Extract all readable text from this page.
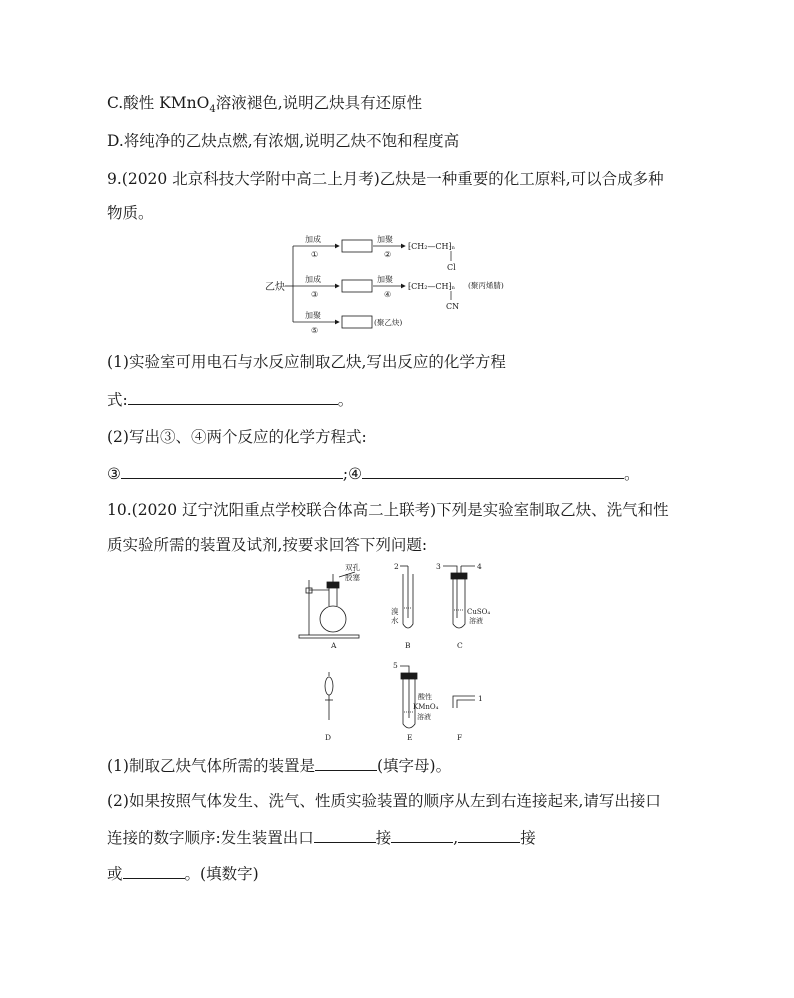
C.酸性 KMnO$_4$溶液褪色,说明乙炔具有还原性
D.将纯净的乙炔点燃,有浓烟,说明乙炔不饱和程度高
9.(2020 北京科技大学附中高二上月考)乙炔是一种重要的化工原料,可以合成多种
物质。
乙炔
加成
①
加聚
②
⁅CH₂—CH⁆ₙ
Cl
加成
③
加聚
④
⁅CH₂—CH⁆ₙ (聚丙烯腈)
CN
加聚
⑤
(聚乙炔)
(1)实验室可用电石与水反应制取乙炔,写出反应的化学方程
式:	。
(2)写出③、④两个反应的化学方程式:
③	;④	。
10.(2020 辽宁沈阳重点学校联合体高二上联考)下列是实验室制取乙炔、洗气和性
质实验所需的装置及试剂,按要求回答下列问题:
双孔
胶塞
A
2
溴
水
B
3	4
CuSO₄
溶液
C
D
5
酸性
KMnO₄
溶液
E
1
F
(1)制取乙炔气体所需的装置是	(填字母)。
(2)如果按照气体发生、洗气、性质实验装置的顺序从左到右连接起来,请写出接口
连接的数字顺序:发生装置出口	接	,	接
或	。(填数字)
